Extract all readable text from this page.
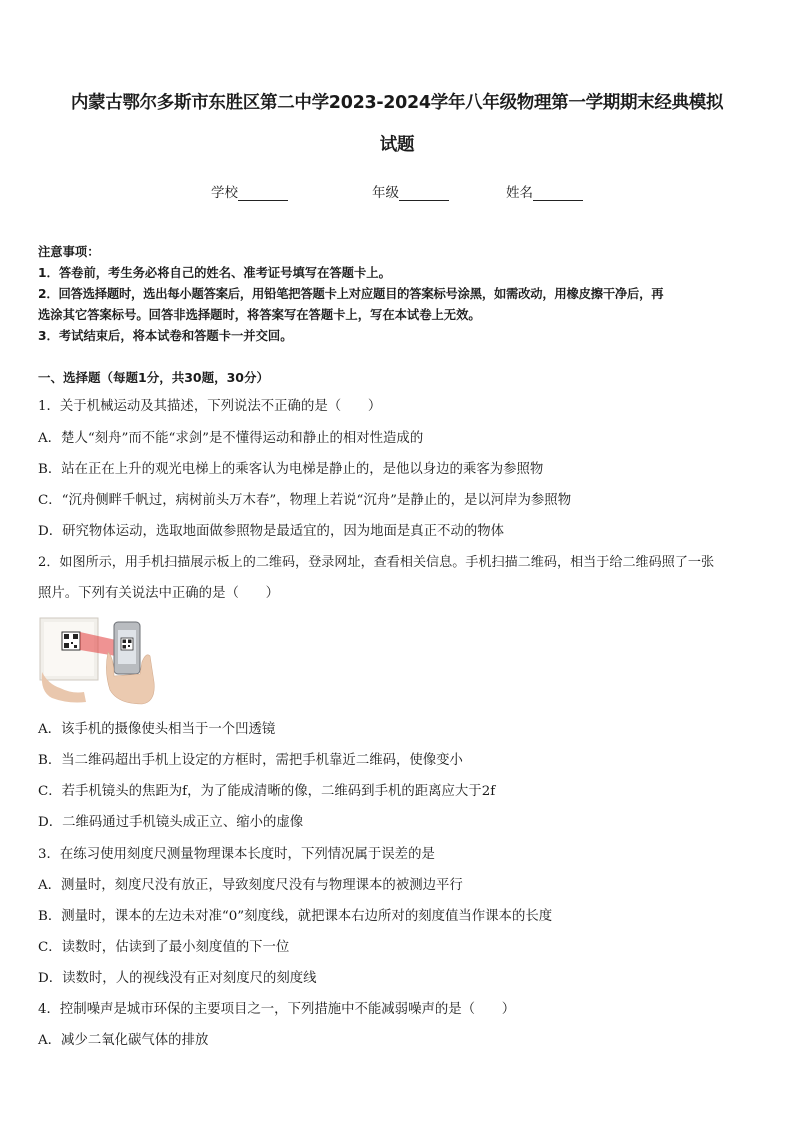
内蒙古鄂尔多斯市东胜区第二中学2023-2024学年八年级物理第一学期期末经典模拟
试题
学校	年级	姓名
注意事项：
1．答卷前，考生务必将自己的姓名、准考证号填写在答题卡上。
2．回答选择题时，选出每小题答案后，用铅笔把答题卡上对应题目的答案标号涂黑，如需改动，用橡皮擦干净后，再
选涂其它答案标号。回答非选择题时，将答案写在答题卡上，写在本试卷上无效。
3．考试结束后，将本试卷和答题卡一并交回。
一、选择题（每题1分，共30题，30分）
1．关于机械运动及其描述，下列说法不正确的是（　　）
A．楚人“刻舟”而不能“求剑”是不懂得运动和静止的相对性造成的
B．站在正在上升的观光电梯上的乘客认为电梯是静止的，是他以身边的乘客为参照物
C．“沉舟侧畔千帆过，病树前头万木春”，物理上若说“沉舟”是静止的，是以河岸为参照物
D．研究物体运动，选取地面做参照物是最适宜的，因为地面是真正不动的物体
2．如图所示，用手机扫描展示板上的二维码，登录网址，查看相关信息。手机扫描二维码，相当于给二维码照了一张
照片。下列有关说法中正确的是（　　）
A．该手机的摄像使头相当于一个凹透镜
B．当二维码超出手机上设定的方框时，需把手机靠近二维码，使像变小
C．若手机镜头的焦距为f，为了能成清晰的像，二维码到手机的距离应大于2f
D．二维码通过手机镜头成正立、缩小的虚像
3．在练习使用刻度尺测量物理课本长度时，下列情况属于误差的是
A．测量时，刻度尺没有放正，导致刻度尺没有与物理课本的被测边平行
B．测量时，课本的左边未对准“0”刻度线，就把课本右边所对的刻度值当作课本的长度
C．读数时，估读到了最小刻度值的下一位
D．读数时，人的视线没有正对刻度尺的刻度线
4．控制噪声是城市环保的主要项目之一，下列措施中不能减弱噪声的是（　　）
A．减少二氧化碳气体的排放
